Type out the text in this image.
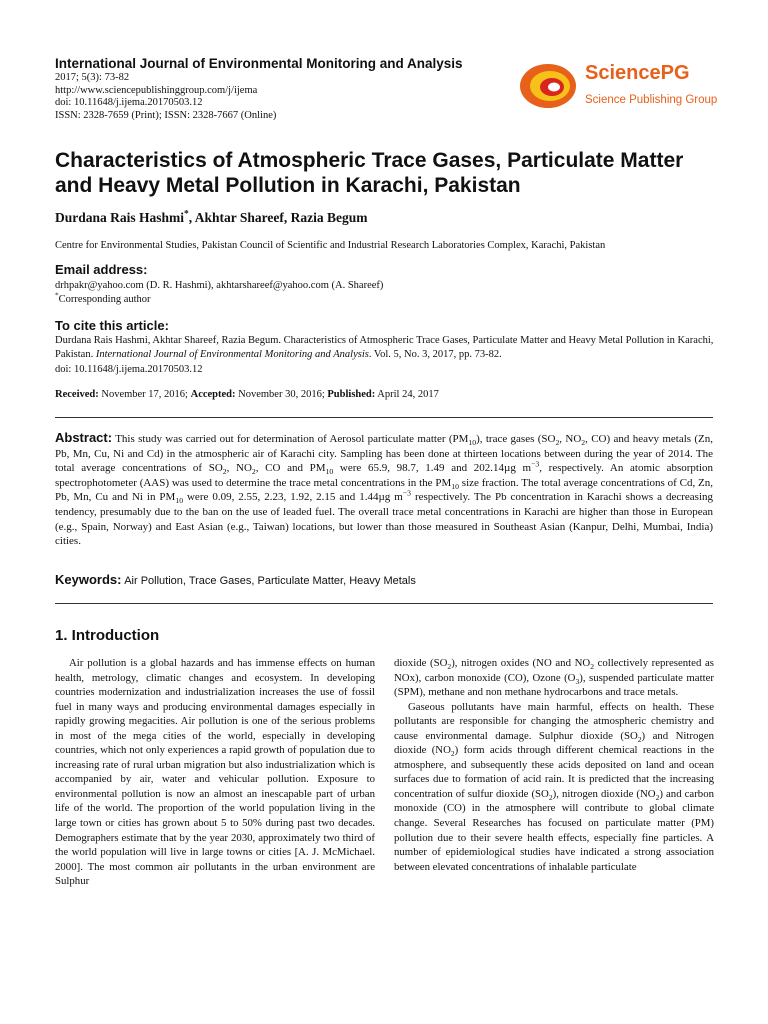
International Journal of Environmental Monitoring and Analysis
2017; 5(3): 73-82
http://www.sciencepublishinggroup.com/j/ijema
doi: 10.11648/j.ijema.20170503.12
ISSN: 2328-7659 (Print); ISSN: 2328-7667 (Online)
SciencePG
Science Publishing Group
Characteristics of Atmospheric Trace Gases, Particulate Matter and Heavy Metal Pollution in Karachi, Pakistan
Durdana Rais Hashmi*, Akhtar Shareef, Razia Begum
Centre for Environmental Studies, Pakistan Council of Scientific and Industrial Research Laboratories Complex, Karachi, Pakistan
Email address:
drhpakr@yahoo.com (D. R. Hashmi), akhtarshareef@yahoo.com (A. Shareef)
*Corresponding author
To cite this article:
Durdana Rais Hashmi, Akhtar Shareef, Razia Begum. Characteristics of Atmospheric Trace Gases, Particulate Matter and Heavy Metal Pollution in Karachi, Pakistan. International Journal of Environmental Monitoring and Analysis. Vol. 5, No. 3, 2017, pp. 73-82.
doi: 10.11648/j.ijema.20170503.12
Received: November 17, 2016; Accepted: November 30, 2016; Published: April 24, 2017
Abstract: This study was carried out for determination of Aerosol particulate matter $(PM_{10})$, trace gases ($SO_2$, $NO_2$, CO) and heavy metals (Zn, Pb, Mn, Cu, Ni and Cd) in the atmospheric air of Karachi city. Sampling has been done at thirteen locations between during the year of 2014. The total average concentrations of $SO_2$, $NO_2$, CO and $PM_{10}$ were 65.9, 98.7, 1.49 and 202.14µg $m^{-3}$, respectively. An atomic absorption spectrophotometer (AAS) was used to determine the trace metal concentrations in the $PM_{10}$ size fraction. The total average concentrations of Cd, Zn, Pb, Mn, Cu and Ni in $PM_{10}$ were 0.09, 2.55, 2.23, 1.92, 2.15 and 1.44µg $m^{-3}$ respectively. The Pb concentration in Karachi shows a decreasing tendency, presumably due to the ban on the use of leaded fuel. The overall trace metal concentrations in Karachi are higher than those in European (e.g., Spain, Norway) and East Asian (e.g., Taiwan) locations, but lower than those measured in Southeast Asian (Kanpur, Delhi, Mumbai, India) cities.
Keywords: Air Pollution, Trace Gases, Particulate Matter, Heavy Metals
1. Introduction

Air pollution is a global hazards and has immense effects on human health, metrology, climatic changes and ecosystem. In developing countries modernization and industrialization increases the use of fossil fuel in many ways and producing environmental damages especially in rapidly growing megacities. Air pollution is one of the serious problems in most of the mega cities of the world, especially in developing countries, which not only experiences a rapid growth of population due to increasing rate of rural urban migration but also industrialization which is accompanied by air, water and vehicular pollution. Exposure to environmental pollution is now an almost an inescapable part of urban life of the world. The proportion of the world population living in the large town or cities has grown about 5 to 50% during past two decades. Demographers estimate that by the year 2030, approximately two third of the world population will live in large towns or cities [A. J. McMichael. 2000]. The most common air pollutants in the urban environment are Sulphur

dioxide $(SO_2)$, nitrogen oxides (NO and $NO_2$ collectively represented as NOx), carbon monoxide (CO), Ozone $(O_3)$, suspended particulate matter (SPM), methane and non methane hydrocarbons and trace metals.

Gaseous pollutants have main harmful, effects on health. These pollutants are responsible for changing the atmospheric chemistry and cause environmental damage. Sulphur dioxide $(SO_2)$ and Nitrogen dioxide $(NO_2)$ form acids through different chemical reactions in the atmosphere, and subsequently these acids deposited on land and ocean surfaces due to formation of acid rain. It is predicted that the increasing concentration of sulfur dioxide $(SO_2)$, nitrogen dioxide $(NO_2)$ and carbon monoxide (CO) in the atmosphere will contribute to global climate change. Several Researches has focused on particulate matter (PM) pollution due to their severe health effects, especially fine particles. A number of epidemiological studies have indicated a strong association between elevated concentrations of inhalable particulate
